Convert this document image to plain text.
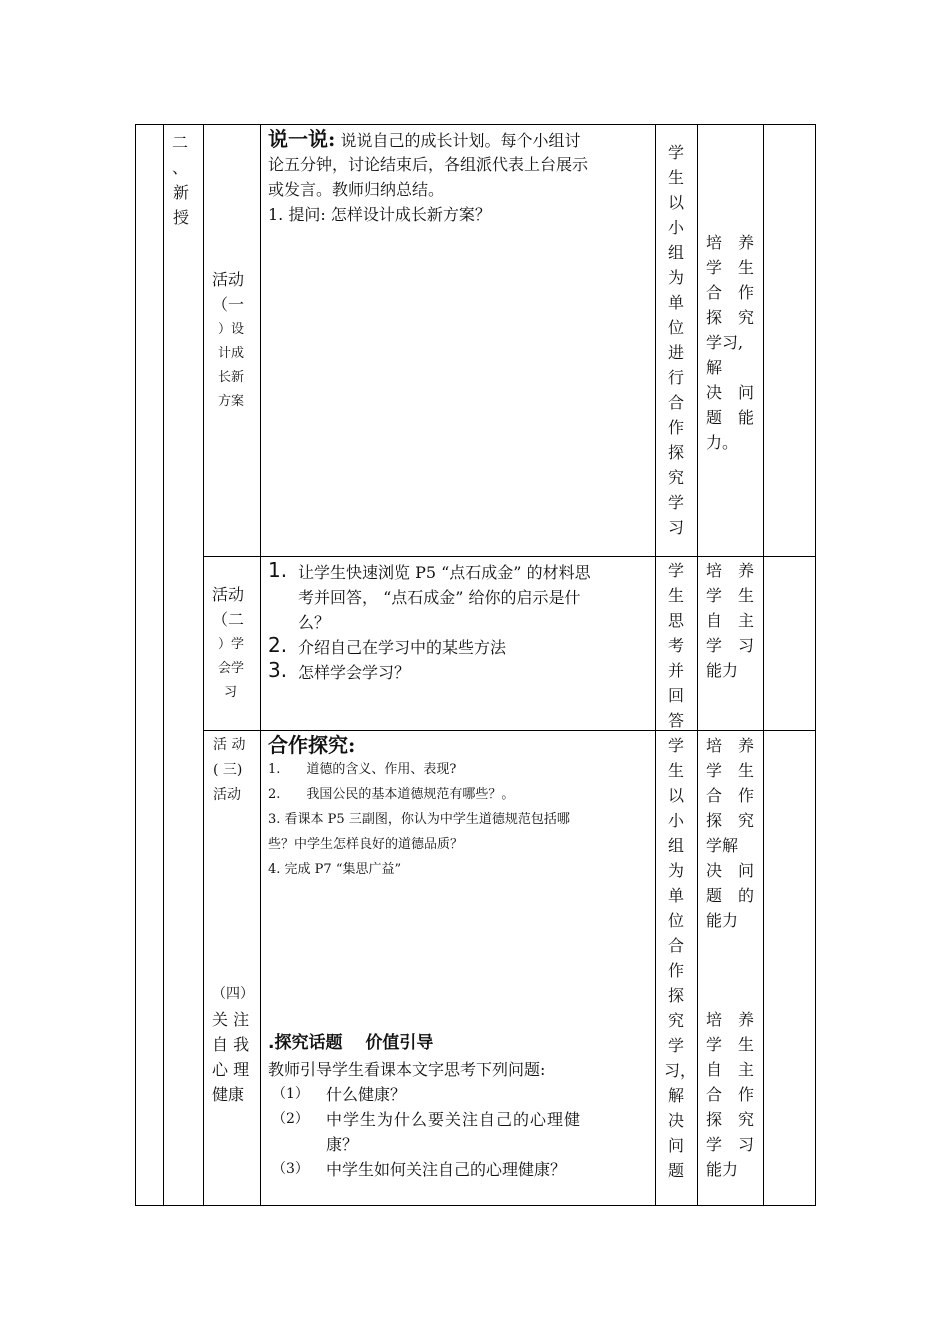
二
、
新授
活动
（一
）设
计成
长新
方案
说一说: 说说自己的成长计划。每个小组讨
论五分钟，讨论结束后，各组派代表上台展示
或发言。教师归纳总结。
1. 提问: 怎样设计成长新方案？
学生以小组为单位进行合作探究学习
培　养
学　生
合　作
探　究
学习,
解
决　问
题　能
力。
活动
（二
）学
会学
习
1. 让学生快速浏览 P5 “点石成金” 的材料思
考并回答， “点石成金” 给你的启示是什
么？
2. 介绍自己在学习中的某些方法
3. 怎样学会学习？
学生思考并回答
培　养
学　生
自　主
学　习
能力
活 动
( 三)
活动
合作探究:
1.　　道德的含义、作用、表现?
2.　　我国公民的基本道德规范有哪些？。
3. 看课本 P5 三副图，你认为中学生道德规范包括哪
些？中学生怎样良好的道德品质？
4. 完成 P7 “集思广益”
学生以小组为单位合作探究学习，解决问题
培　养
学　生
合　作
探　究
学解
决　问
题　的
能力
（四）
关 注
自 我
心 理
健康
.探究话题　 价值引导
教师引导学生看课本文字思考下列问题:
（1） 什么健康？
（2） 中学生为什么要关注自己的心理健
康？
（3） 中学生如何关注自己的心理健康？
培　养
学　生
自　主
合　作
探　究
学　习
能力
